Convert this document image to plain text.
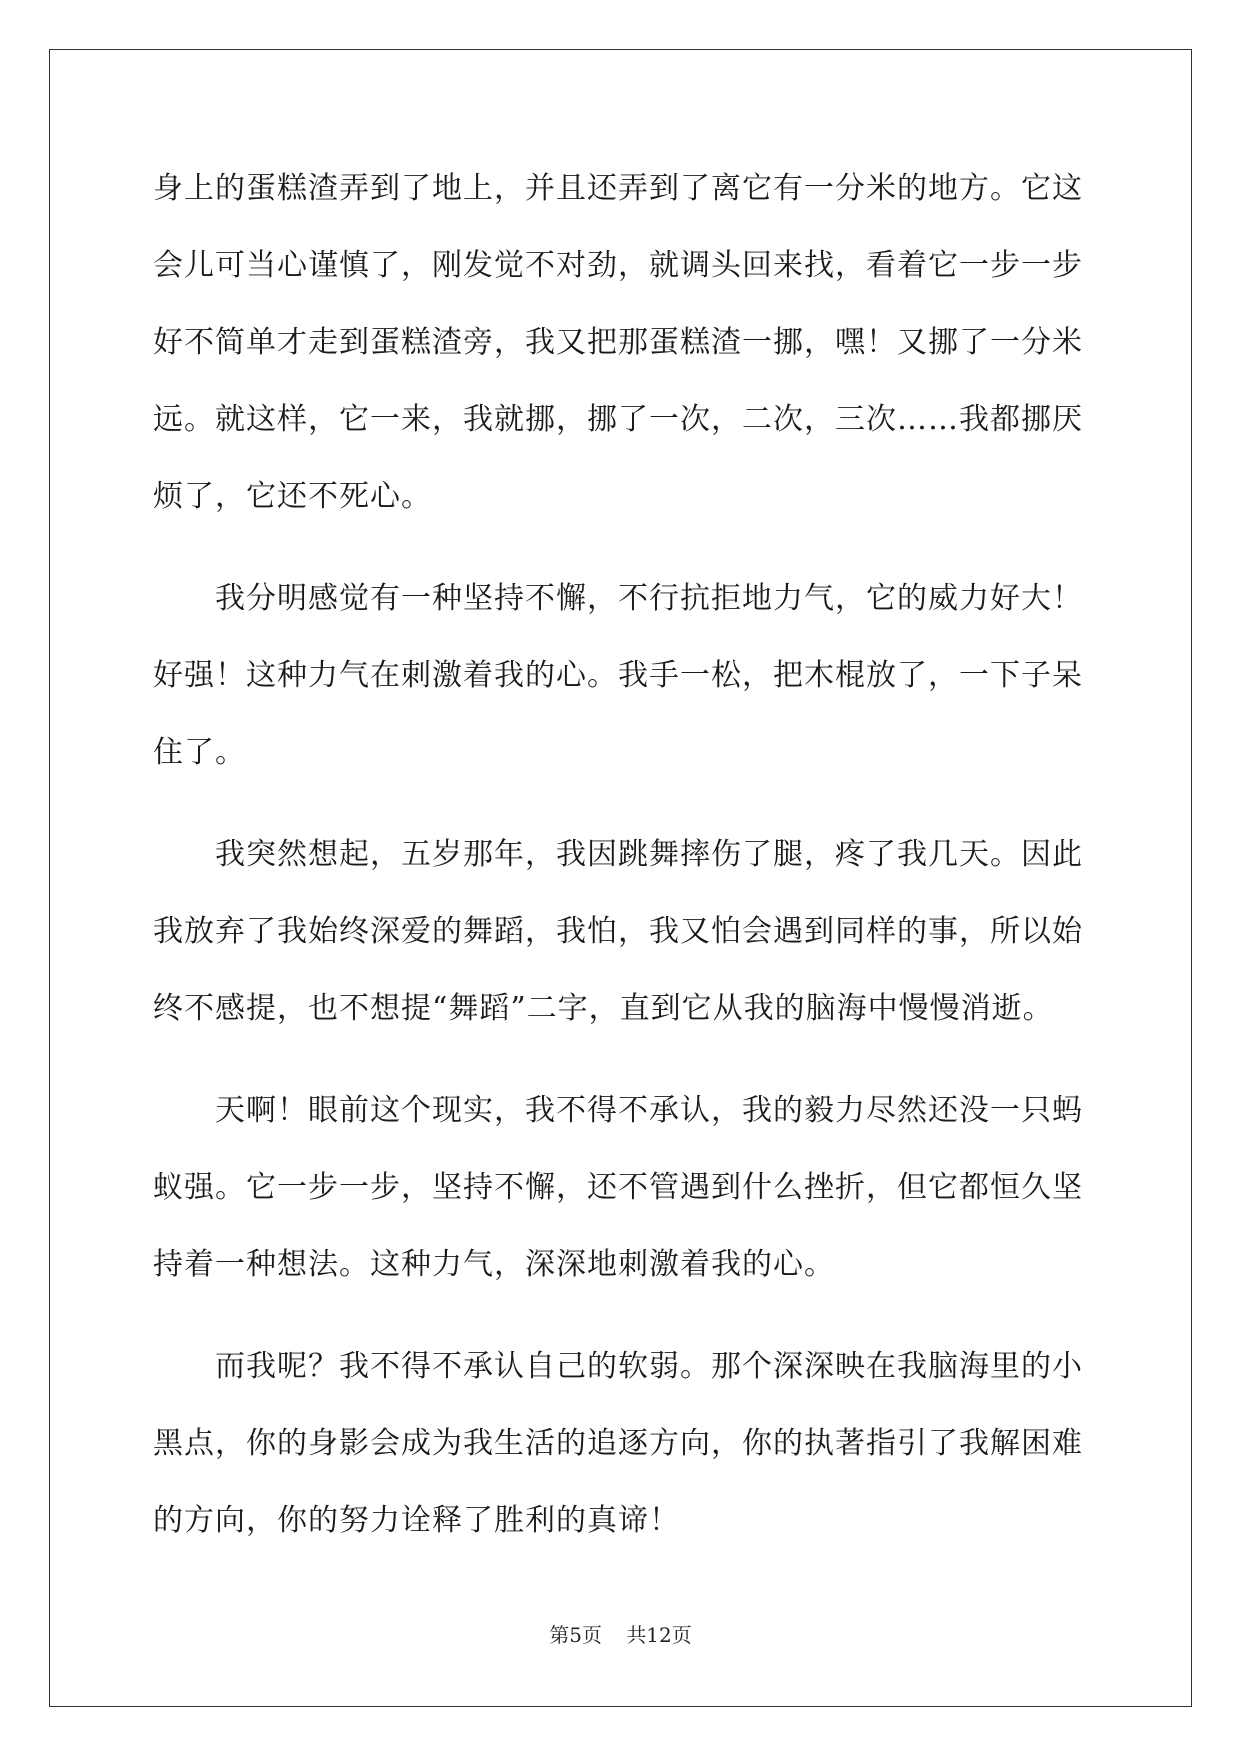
身上的蛋糕渣弄到了地上，并且还弄到了离它有一分米的地方。它这
会儿可当心谨慎了，刚发觉不对劲，就调头回来找，看着它一步一步
好不简单才走到蛋糕渣旁，我又把那蛋糕渣一挪，嘿！又挪了一分米
远。就这样，它一来，我就挪，挪了一次，二次，三次……我都挪厌
烦了，它还不死心。
　　我分明感觉有一种坚持不懈，不行抗拒地力气，它的威力好大！
好强！这种力气在刺激着我的心。我手一松，把木棍放了，一下子呆
住了。
　　我突然想起，五岁那年，我因跳舞摔伤了腿，疼了我几天。因此
我放弃了我始终深爱的舞蹈，我怕，我又怕会遇到同样的事，所以始
终不感提，也不想提“舞蹈”二字，直到它从我的脑海中慢慢消逝。
　　天啊！眼前这个现实，我不得不承认，我的毅力尽然还没一只蚂
蚁强。它一步一步，坚持不懈，还不管遇到什么挫折，但它都恒久坚
持着一种想法。这种力气，深深地刺激着我的心。
　　而我呢？我不得不承认自己的软弱。那个深深映在我脑海里的小
黑点，你的身影会成为我生活的追逐方向，你的执著指引了我解困难
的方向，你的努力诠释了胜利的真谛！
第5页 共12页
